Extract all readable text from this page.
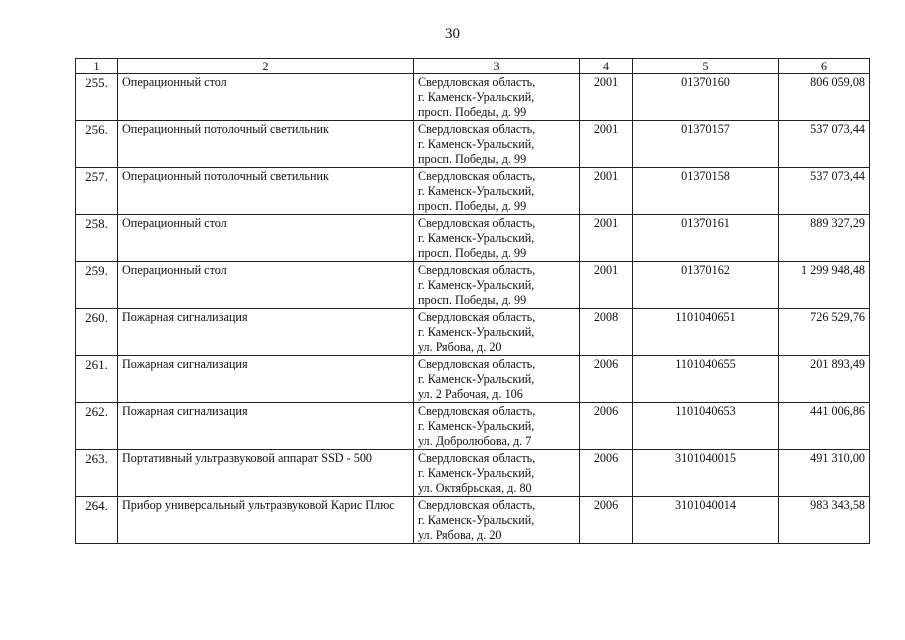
30
1	2	3	4	5	6
255.	Операционный стол	Свердловская область,
г. Каменск-Уральский,
просп. Победы, д. 99	2001	01370160	806 059,08
256.	Операционный потолочный светильник	Свердловская область,
г. Каменск-Уральский,
просп. Победы, д. 99	2001	01370157	537 073,44
257.	Операционный потолочный светильник	Свердловская область,
г. Каменск-Уральский,
просп. Победы, д. 99	2001	01370158	537 073,44
258.	Операционный стол	Свердловская область,
г. Каменск-Уральский,
просп. Победы, д. 99	2001	01370161	889 327,29
259.	Операционный стол	Свердловская область,
г. Каменск-Уральский,
просп. Победы, д. 99	2001	01370162	1 299 948,48
260.	Пожарная сигнализация	Свердловская область,
г. Каменск-Уральский,
ул. Рябова, д. 20	2008	1101040651	726 529,76
261.	Пожарная сигнализация	Свердловская область,
г. Каменск-Уральский,
ул. 2 Рабочая, д. 106	2006	1101040655	201 893,49
262.	Пожарная сигнализация	Свердловская область,
г. Каменск-Уральский,
ул. Добролюбова, д. 7	2006	1101040653	441 006,86
263.	Портативный ультразвуковой аппарат SSD - 500	Свердловская область,
г. Каменск-Уральский,
ул. Октябрьская, д. 80	2006	3101040015	491 310,00
264.	Прибор универсальный ультразвуковой Карис Плюс	Свердловская область,
г. Каменск-Уральский,
ул. Рябова, д. 20	2006	3101040014	983 343,58
